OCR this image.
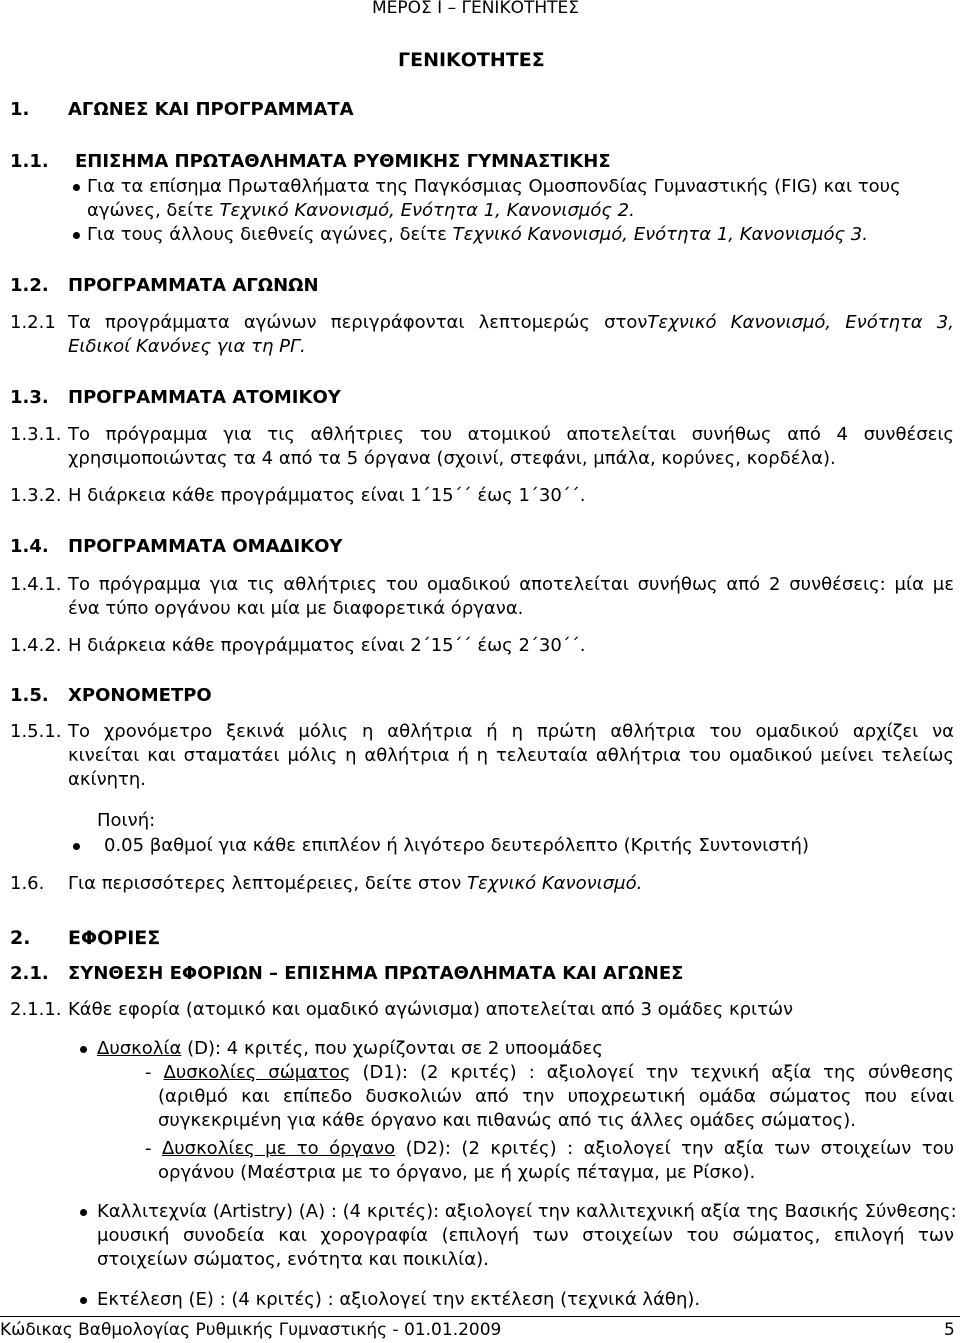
ΜΕΡΟΣ Ι – ΓΕΝΙΚΟΤΗΤΕΣ
ΓΕΝΙΚΟΤΗΤΕΣ
1. ΑΓΩΝΕΣ ΚΑΙ ΠΡΟΓΡΑΜΜΑΤΑ
1.1. ΕΠΙΣΗΜΑ ΠΡΩΤΑΘΛΗΜΑΤΑ ΡΥΘΜΙΚΗΣ ΓΥΜΝΑΣΤΙΚΗΣ
Για τα επίσημα Πρωταθλήματα της Παγκόσμιας Ομοσπονδίας Γυμναστικής (FIG) και τους
αγώνες, δείτε Τεχνικό Κανονισμό, Ενότητα 1, Κανονισμός 2.
Για τους άλλους διεθνείς αγώνες, δείτε Τεχνικό Κανονισμό, Ενότητα 1, Κανονισμός 3.
1.2. ΠΡΟΓΡΑΜΜΑΤΑ ΑΓΩΝΩΝ
1.2.1 Τα προγράμματα αγώνων περιγράφονται λεπτομερώς στονΤεχνικό Κανονισμό, Ενότητα 3,
Ειδικοί Κανόνες για τη ΡΓ.
1.3. ΠΡΟΓΡΑΜΜΑΤΑ ΑΤΟΜΙΚΟΥ
1.3.1. Το πρόγραμμα για τις αθλήτριες του ατομικού αποτελείται συνήθως από 4 συνθέσεις
χρησιμοποιώντας τα 4 από τα 5 όργανα (σχοινί, στεφάνι, μπάλα, κορύνες, κορδέλα).
1.3.2. Η διάρκεια κάθε προγράμματος είναι 1΄15΄΄ έως 1΄30΄΄.
1.4. ΠΡΟΓΡΑΜΜΑΤΑ ΟΜΑΔΙΚΟΥ
1.4.1. Το πρόγραμμα για τις αθλήτριες του ομαδικού αποτελείται συνήθως από 2 συνθέσεις: μία με
ένα τύπο οργάνου και μία με διαφορετικά όργανα.
1.4.2. Η διάρκεια κάθε προγράμματος είναι 2΄15΄΄ έως 2΄30΄΄.
1.5. ΧΡΟΝΟΜΕΤΡΟ
1.5.1. Το χρονόμετρο ξεκινά μόλις η αθλήτρια ή η πρώτη αθλήτρια του ομαδικού αρχίζει να
κινείται και σταματάει μόλις η αθλήτρια ή η τελευταία αθλήτρια του ομαδικού μείνει τελείως
ακίνητη.
Ποινή:
0.05 βαθμοί για κάθε επιπλέον ή λιγότερο δευτερόλεπτο (Κριτής Συντονιστή)
1.6. Για περισσότερες λεπτομέρειες, δείτε στον Τεχνικό Κανονισμό.
2. ΕΦΟΡΙΕΣ
2.1. ΣΥΝΘΕΣΗ ΕΦΟΡΙΩΝ – ΕΠΙΣΗΜΑ ΠΡΩΤΑΘΛΗΜΑΤΑ ΚΑΙ ΑΓΩΝΕΣ
2.1.1. Κάθε εφορία (ατομικό και ομαδικό αγώνισμα) αποτελείται από 3 ομάδες κριτών
Δυσκολία (D): 4 κριτές, που χωρίζονται σε 2 υποομάδες
- Δυσκολίες σώματος (D1): (2 κριτές) : αξιολογεί την τεχνική αξία της σύνθεσης
(αριθμό και επίπεδο δυσκολιών από την υποχρεωτική ομάδα σώματος που είναι
συγκεκριμένη για κάθε όργανο και πιθανώς από τις άλλες ομάδες σώματος).
- Δυσκολίες με το όργανο (D2): (2 κριτές) : αξιολογεί την αξία των στοιχείων του
οργάνου (Μαέστρια με το όργανο, με ή χωρίς πέταγμα, με Ρίσκο).
Καλλιτεχνία (Artistry) (A) : (4 κριτές): αξιολογεί την καλλιτεχνική αξία της Βασικής Σύνθεσης:
μουσική συνοδεία και χορογραφία (επιλογή των στοιχείων του σώματος, επιλογή των
στοιχείων σώματος, ενότητα και ποικιλία).
Εκτέλεση (E) : (4 κριτές) : αξιολογεί την εκτέλεση (τεχνικά λάθη).
Κώδικας Βαθμολογίας Ρυθμικής Γυμναστικής - 01.01.2009	5
